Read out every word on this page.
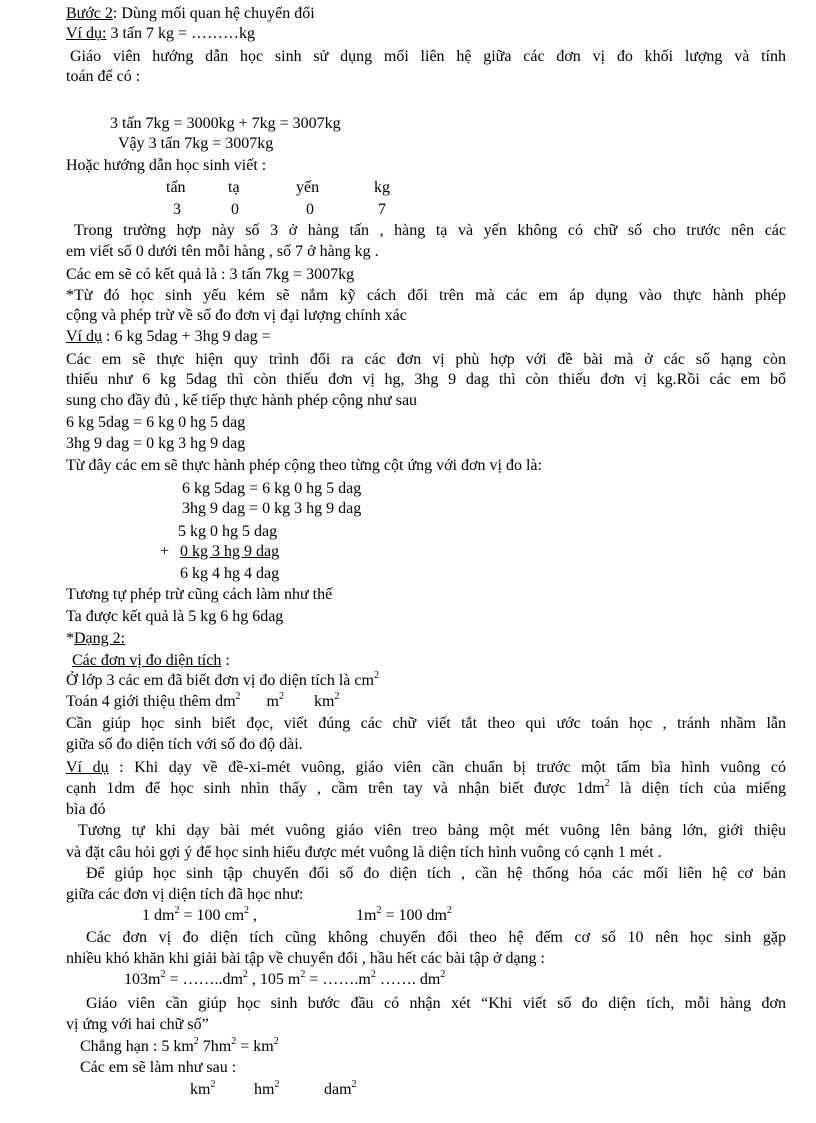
Bước 2: Dùng mối quan hệ chuyển đổi
Ví dụ: 3 tấn 7 kg = ………kg
Giáo viên hướng dẫn học sinh sử dụng mối liên hệ giữa các đơn vị đo khối lượng và tính
toán để có :
3 tấn 7kg = 3000kg + 7kg = 3007kg
Vậy 3 tấn 7kg = 3007kg
Hoặc hướng dẫn học sinh viết :
tấn	tạ	yến	kg
3	0	0	7
Trong trường hợp này số 3 ở hàng tấn , hàng tạ và yến không có chữ số cho trước nên các
em viết số 0 dưới tên mỗi hàng , số 7 ở hàng kg .
Các em sẽ có kết quả là : 3 tấn 7kg = 3007kg
*Từ đó học sinh yếu kém sẽ nắm kỹ cách đổi trên mà các em áp dụng vào thực hành phép
cộng và phép trừ về số đo đơn vị đại lượng chính xác
Ví dụ : 6 kg 5dag + 3hg 9 dag =
Các em sẽ thực hiện quy trình đổi ra các đơn vị phù hợp với đề bài mà ở các số hạng còn
thiếu như 6 kg 5dag thì còn thiếu đơn vị hg, 3hg 9 dag thì còn thiếu đơn vị kg.Rồi các em bổ
sung cho đầy đủ , kế tiếp thực hành phép cộng như sau
6 kg 5dag = 6 kg 0 hg 5 dag
3hg 9 dag = 0 kg 3 hg 9 dag
Từ đây các em sẽ thực hành phép cộng theo từng cột ứng với đơn vị đo là:
6 kg 5dag = 6 kg 0 hg 5 dag
3hg 9 dag = 0 kg 3 hg 9 dag
5 kg 0 hg 5 dag
+ 0 kg 3 hg 9 dag
6 kg 4 hg 4 dag
Tương tự phép trừ cũng cách làm như thế
Ta được kết quả là 5 kg 6 hg 6dag
*Dạng 2:
Các đơn vị đo diện tích :
Ở lớp 3 các em đã biết đơn vị đo diện tích là $cm^2$
Toán 4 giới thiệu thêm $dm^2$ $m^2$ $km^2$
Cần giúp học sinh biết đọc, viết đúng các chữ viết tắt theo qui ước toán học , tránh nhầm lẫn
giữa số đo diện tích với số đo độ dài.
Ví dụ : Khi dạy về đề-xi-mét vuông, giáo viên cần chuẩn bị trước một tấm bìa hình vuông có
cạnh 1dm để học sinh nhìn thấy , cầm trên tay và nhận biết được $1dm^2$ là diện tích của miếng
bìa đó
Tương tự khi dạy bài mét vuông giáo viên treo bảng một mét vuông lên bảng lớn, giới thiệu
và đặt câu hỏi gợi ý để học sinh hiểu được mét vuông là diện tích hình vuông có cạnh 1 mét .
Để giúp học sinh tập chuyển đổi số đo diện tích , cần hệ thống hóa các mối liên hệ cơ bản
giữa các đơn vị diện tích đã học như:
1 $dm^2 = 100$ $cm^2$ ,	$1m^2 = 100$ $dm^2$
Các đơn vị đo diện tích cũng không chuyển đổi theo hệ đếm cơ số 10 nên học sinh gặp
nhiều khó khăn khi giải bài tập về chuyển đổi , hầu hết các bài tập ở dạng :
$103m^2$ = $\dots\dots..dm^2$ , 105 $m^2$ = $\dots\dots.m^2$ ……. $dm^2$
Giáo viên cần giúp học sinh bước đầu có nhận xét “Khi viết số đo diện tích, mỗi hàng đơn
vị ứng với hai chữ số”
Chẳng hạn : 5 $km^2$ $7hm^2 = km^2$
Các em sẽ làm như sau :
$km^2$ $hm^2$	dam$^2$
